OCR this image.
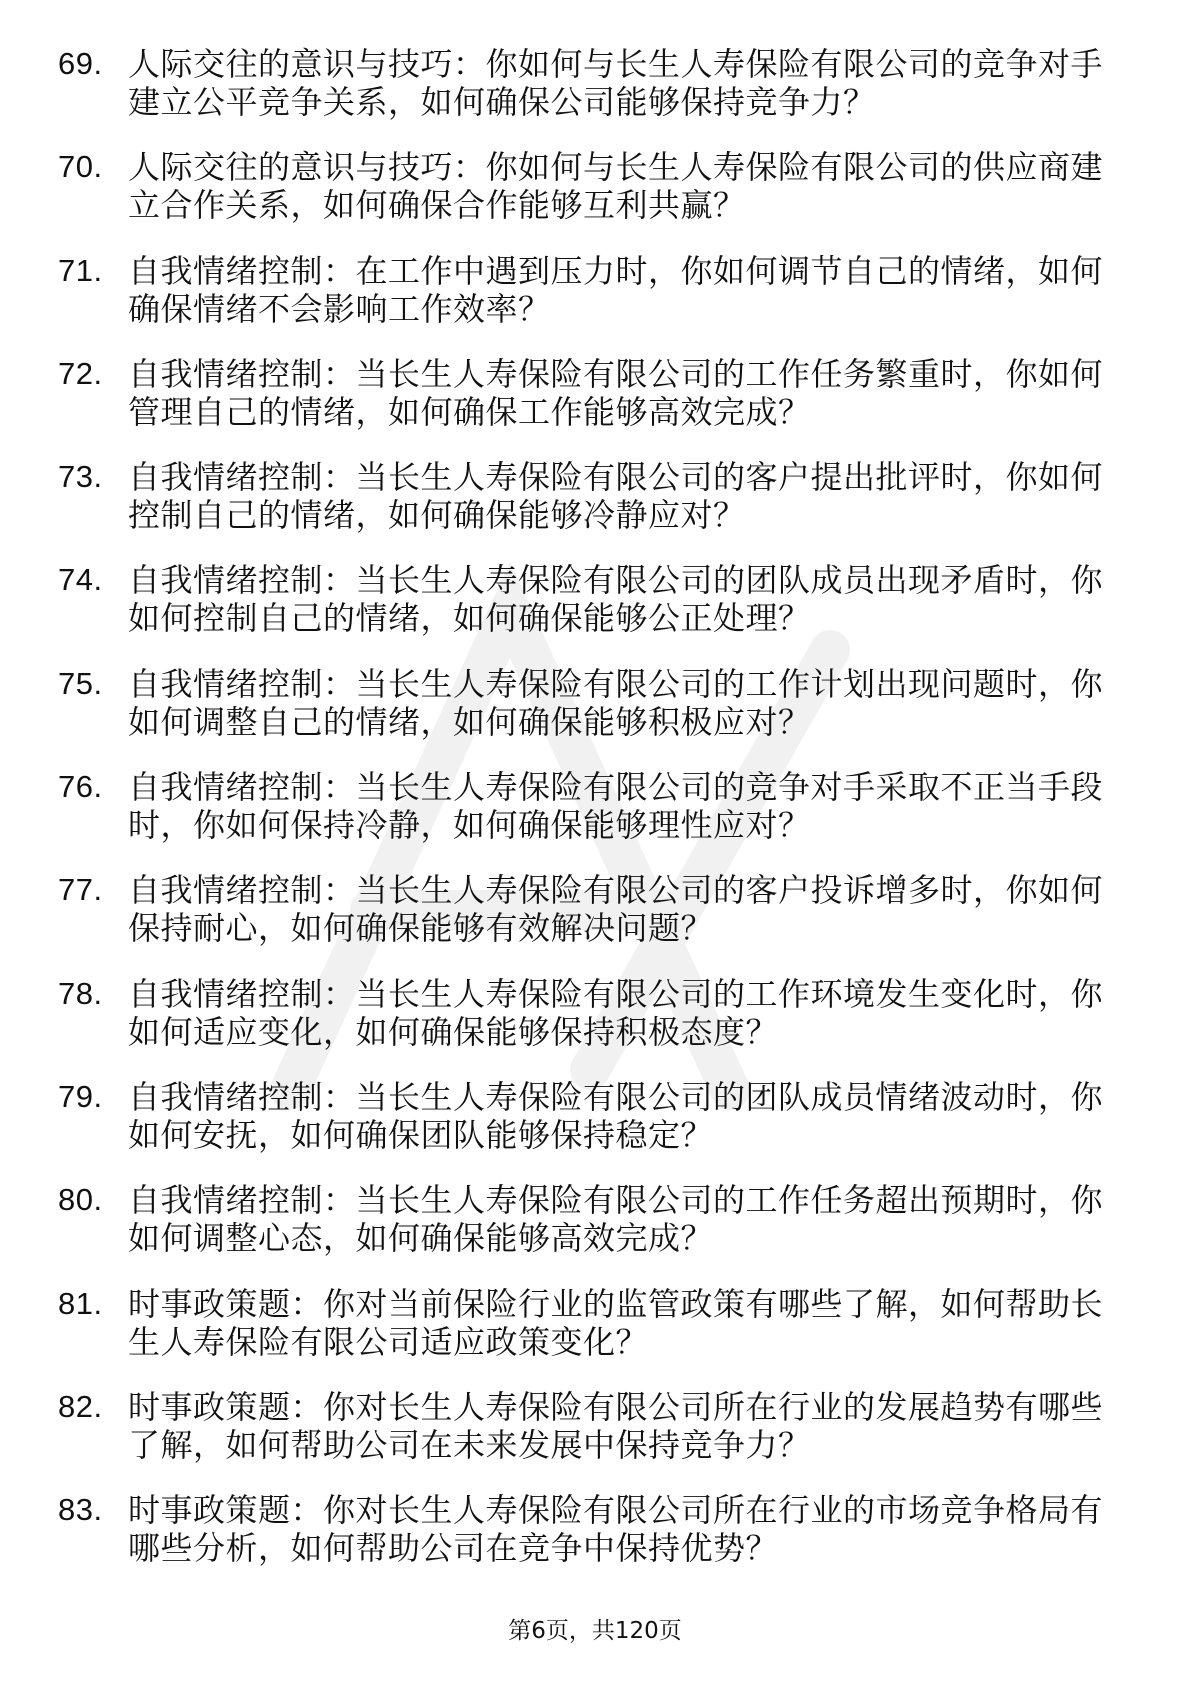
69. 人际交往的意识与技巧：你如何与长生人寿保险有限公司的竞争对手建立公平竞争关系，如何确保公司能够保持竞争力？
70. 人际交往的意识与技巧：你如何与长生人寿保险有限公司的供应商建立合作关系，如何确保合作能够互利共赢？
71. 自我情绪控制：在工作中遇到压力时，你如何调节自己的情绪，如何确保情绪不会影响工作效率？
72. 自我情绪控制：当长生人寿保险有限公司的工作任务繁重时，你如何管理自己的情绪，如何确保工作能够高效完成？
73. 自我情绪控制：当长生人寿保险有限公司的客户提出批评时，你如何控制自己的情绪，如何确保能够冷静应对？
74. 自我情绪控制：当长生人寿保险有限公司的团队成员出现矛盾时，你如何控制自己的情绪，如何确保能够公正处理？
75. 自我情绪控制：当长生人寿保险有限公司的工作计划出现问题时，你如何调整自己的情绪，如何确保能够积极应对？
76. 自我情绪控制：当长生人寿保险有限公司的竞争对手采取不正当手段时，你如何保持冷静，如何确保能够理性应对？
77. 自我情绪控制：当长生人寿保险有限公司的客户投诉增多时，你如何保持耐心，如何确保能够有效解决问题？
78. 自我情绪控制：当长生人寿保险有限公司的工作环境发生变化时，你如何适应变化，如何确保能够保持积极态度？
79. 自我情绪控制：当长生人寿保险有限公司的团队成员情绪波动时，你如何安抚，如何确保团队能够保持稳定？
80. 自我情绪控制：当长生人寿保险有限公司的工作任务超出预期时，你如何调整心态，如何确保能够高效完成？
81. 时事政策题：你对当前保险行业的监管政策有哪些了解，如何帮助长生人寿保险有限公司适应政策变化？
82. 时事政策题：你对长生人寿保险有限公司所在行业的发展趋势有哪些了解，如何帮助公司在未来发展中保持竞争力？
83. 时事政策题：你对长生人寿保险有限公司所在行业的市场竞争格局有哪些分析，如何帮助公司在竞争中保持优势？
第6页，共120页
